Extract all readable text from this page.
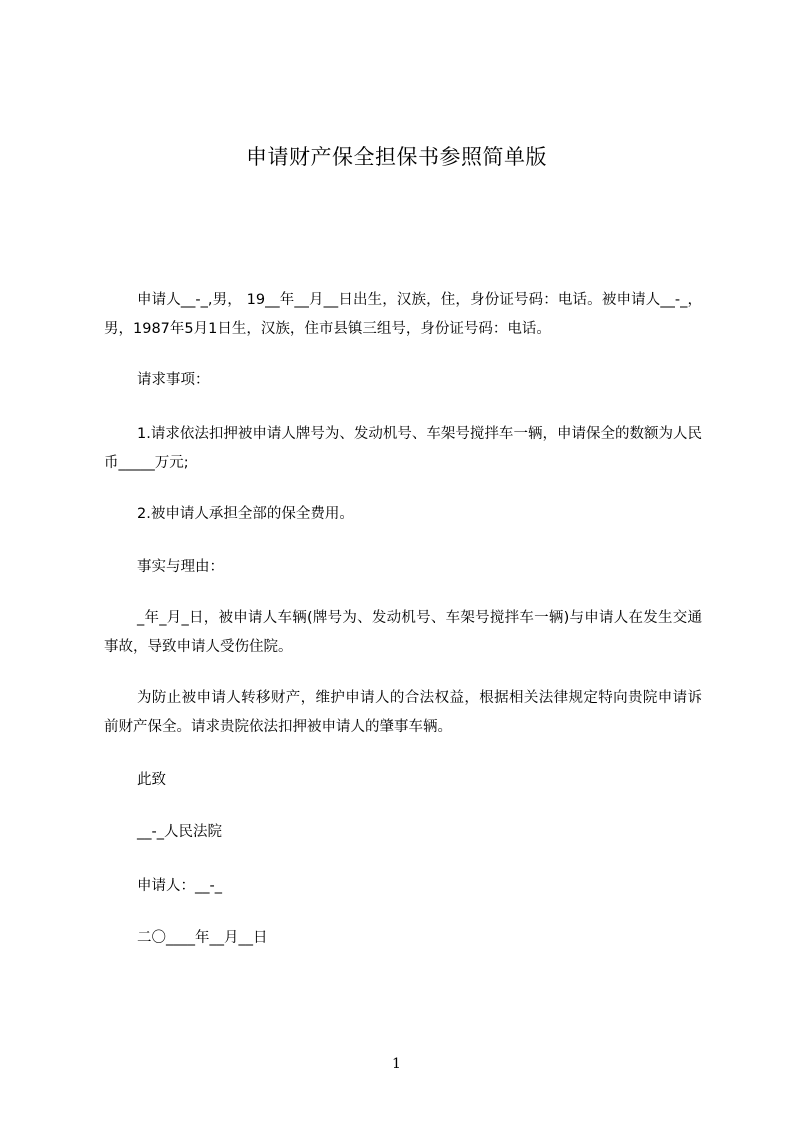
申请财产保全担保书参照简单版
申请人__-_,男， 19__年__月__日出生，汉族，住，身份证号码：电话。被申请人__-_，男，1987年5月1日生，汉族，住市县镇三组号，身份证号码：电话。
请求事项：
1.请求依法扣押被申请人牌号为、发动机号、车架号搅拌车一辆，申请保全的数额为人民币_____万元;
2.被申请人承担全部的保全费用。
事实与理由：
_年_月_日，被申请人车辆(牌号为、发动机号、车架号搅拌车一辆)与申请人在发生交通事故，导致申请人受伤住院。
为防止被申请人转移财产，维护申请人的合法权益，根据相关法律规定特向贵院申请诉前财产保全。请求贵院依法扣押被申请人的肇事车辆。
此致
__-_人民法院
申请人：__-_
二〇____年__月__日
1
